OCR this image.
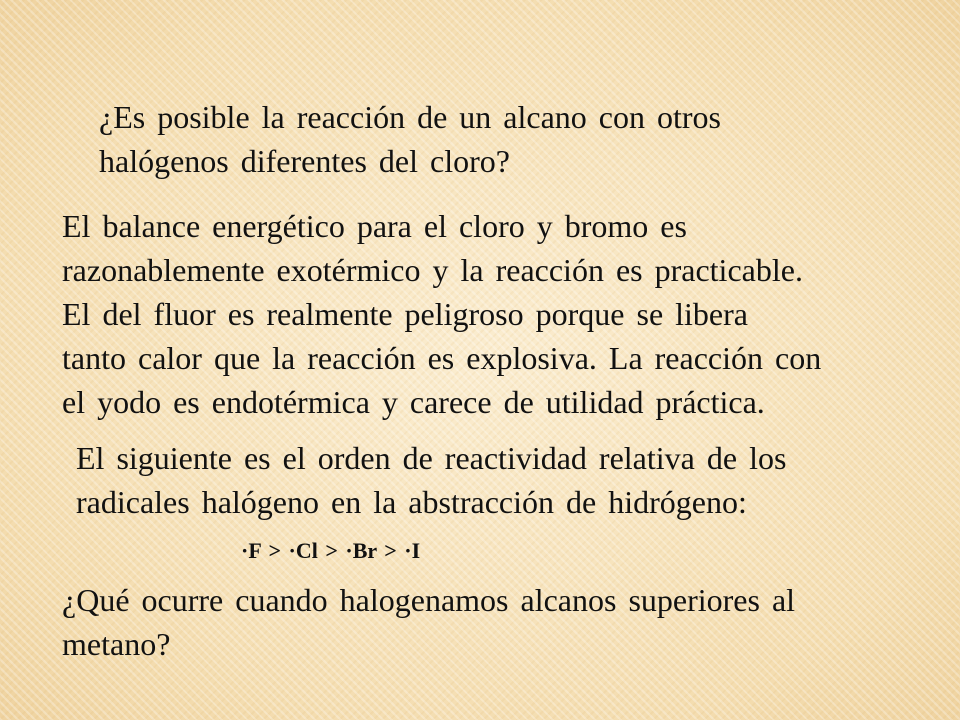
¿Es posible la reacción de un alcano con otros
halógenos diferentes del cloro?

El balance energético para el cloro y bromo es
razonablemente exotérmico y la reacción es practicable.
El del fluor es realmente peligroso porque se libera
tanto calor que la reacción es explosiva. La reacción con
el yodo es endotérmica y carece de utilidad práctica.

El siguiente es el orden de reactividad relativa de los
radicales halógeno en la abstracción de hidrógeno:

·F > ·Cl > ·Br > ·I

¿Qué ocurre cuando halogenamos alcanos superiores al
metano?
